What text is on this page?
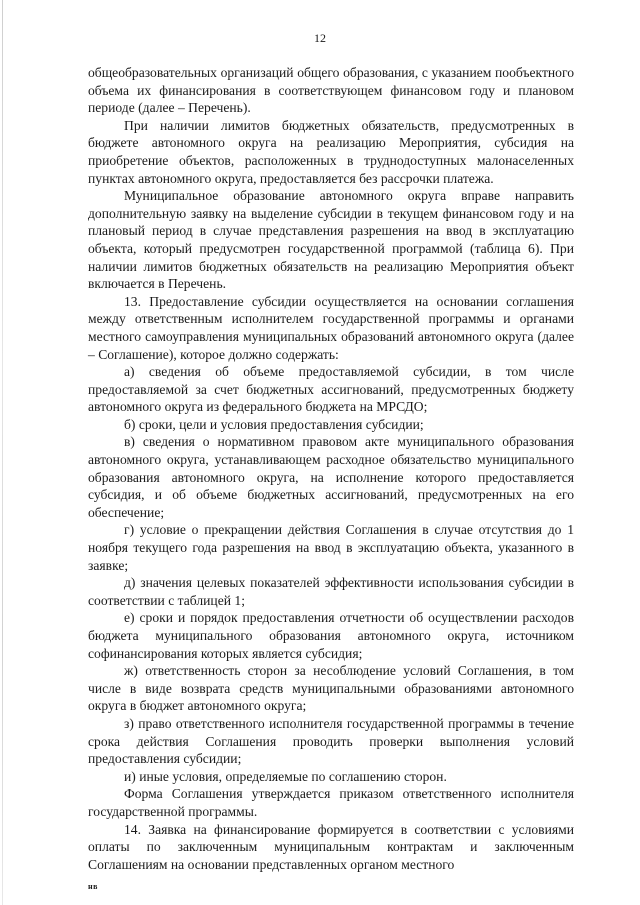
12

общеобразовательных организаций общего образования, с указанием пообъектного объема их финансирования в соответствующем финансовом году и плановом периоде (далее – Перечень).

При наличии лимитов бюджетных обязательств, предусмотренных в бюджете автономного округа на реализацию Мероприятия, субсидия на приобретение объектов, расположенных в труднодоступных малонаселенных пунктах автономного округа, предоставляется без рассрочки платежа.

Муниципальное образование автономного округа вправе направить дополнительную заявку на выделение субсидии в текущем финансовом году и на плановый период в случае представления разрешения на ввод в эксплуатацию объекта, который предусмотрен государственной программой (таблица 6). При наличии лимитов бюджетных обязательств на реализацию Мероприятия объект включается в Перечень.

13. Предоставление субсидии осуществляется на основании соглашения между ответственным исполнителем государственной программы и органами местного самоуправления муниципальных образований автономного округа (далее – Соглашение), которое должно содержать:

а) сведения об объеме предоставляемой субсидии, в том числе предоставляемой за счет бюджетных ассигнований, предусмотренных бюджету автономного округа из федерального бюджета на МРСДО;

б) сроки, цели и условия предоставления субсидии;

в) сведения о нормативном правовом акте муниципального образования автономного округа, устанавливающем расходное обязательство муниципального образования автономного округа, на исполнение которого предоставляется субсидия, и об объеме бюджетных ассигнований, предусмотренных на его обеспечение;

г) условие о прекращении действия Соглашения в случае отсутствия до 1 ноября текущего года разрешения на ввод в эксплуатацию объекта, указанного в заявке;

д) значения целевых показателей эффективности использования субсидии в соответствии с таблицей 1;

е) сроки и порядок предоставления отчетности об осуществлении расходов бюджета муниципального образования автономного округа, источником софинансирования которых является субсидия;

ж) ответственность сторон за несоблюдение условий Соглашения, в том числе в виде возврата средств муниципальными образованиями автономного округа в бюджет автономного округа;

з) право ответственного исполнителя государственной программы в течение срока действия Соглашения проводить проверки выполнения условий предоставления субсидии;

и) иные условия, определяемые по соглашению сторон.

Форма Соглашения утверждается приказом ответственного исполнителя государственной программы.

14. Заявка на финансирование формируется в соответствии с условиями оплаты по заключенным муниципальным контрактам и заключенным Соглашениям на основании представленных органом местного

нв
